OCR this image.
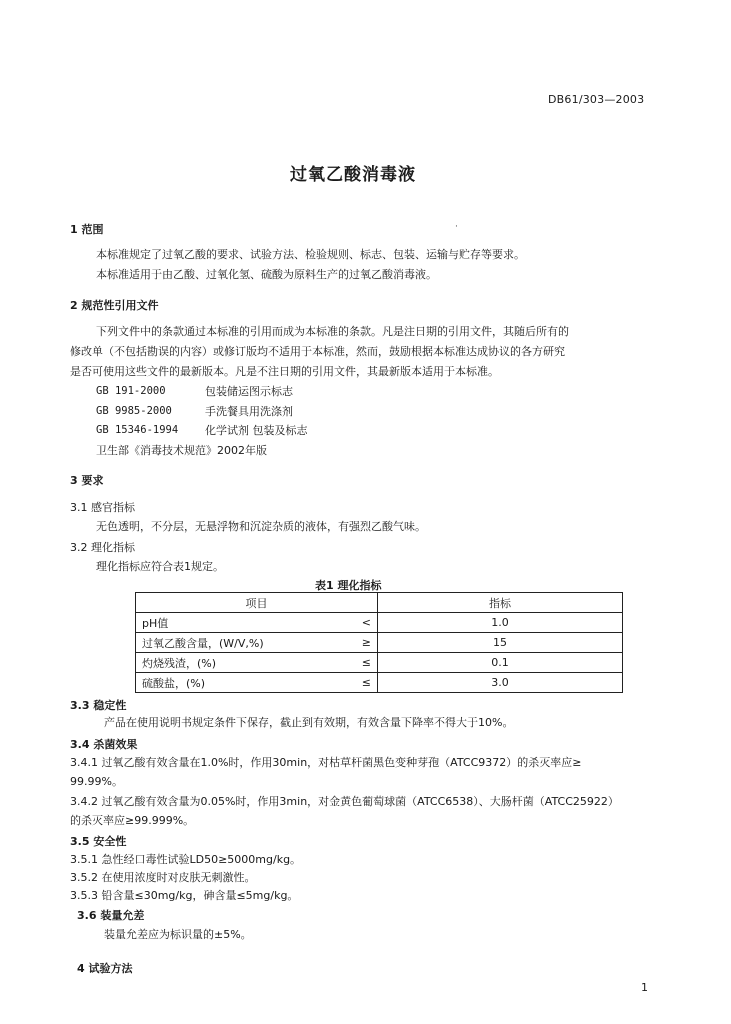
DB61/303—2003
过氧乙酸消毒液
·
1 范围
本标准规定了过氧乙酸的要求、试验方法、检验规则、标志、包装、运输与贮存等要求。
本标准适用于由乙酸、过氧化氢、硫酸为原料生产的过氧乙酸消毒液。
2 规范性引用文件
下列文件中的条款通过本标准的引用而成为本标准的条款。凡是注日期的引用文件，其随后所有的
修改单（不包括勘误的内容）或修订版均不适用于本标准，然而，鼓励根据本标准达成协议的各方研究
是否可使用这些文件的最新版本。凡是不注日期的引用文件，其最新版本适用于本标准。
GB 191-2000	包装储运图示标志
GB 9985-2000	手洗餐具用洗涤剂
GB 15346-1994 化学试剂 包装及标志
卫生部《消毒技术规范》2002年版
3 要求
3.1 感官指标
无色透明，不分层，无悬浮物和沉淀杂质的液体，有强烈乙酸气味。
3.2 理化指标
理化指标应符合表1规定。
表1 理化指标
项目		指标
pH值	<	1.0
过氧乙酸含量，(W/V,%)	≥	15
灼烧残渣，(%)	≤	0.1
硫酸盐，(%)	≤	3.0
3.3 稳定性
产品在使用说明书规定条件下保存，截止到有效期，有效含量下降率不得大于10%。
3.4 杀菌效果
3.4.1 过氧乙酸有效含量在1.0%时，作用30min，对枯草杆菌黑色变种芽孢（ATCC9372）的杀灭率应≥
99.99%。
3.4.2 过氧乙酸有效含量为0.05%时，作用3min，对金黄色葡萄球菌（ATCC6538）、大肠杆菌（ATCC25922）
的杀灭率应≥99.999%。
3.5 安全性
3.5.1 急性经口毒性试验LD50≥5000mg/kg。
3.5.2 在使用浓度时对皮肤无刺激性。
3.5.3 铅含量≤30mg/kg，砷含量≤5mg/kg。
3.6 装量允差
装量允差应为标识量的±5%。
4 试验方法
1
